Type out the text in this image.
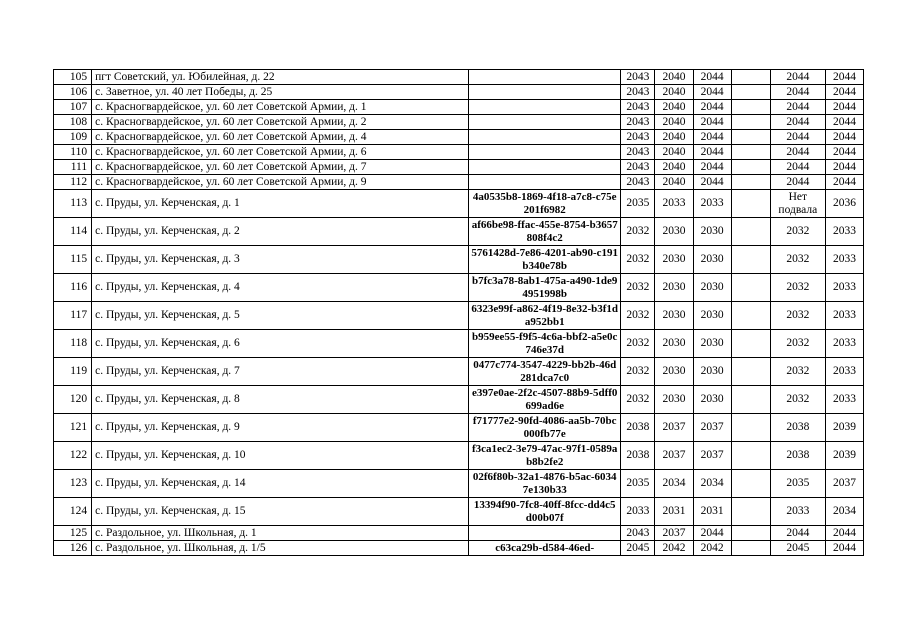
105	пгт Советский, ул. Юбилейная, д. 22		2043	2040	2044		2044	2044
106	с. Заветное, ул. 40 лет Победы, д. 25		2043	2040	2044		2044	2044
107	с. Красногвардейское, ул. 60 лет Советской Армии, д. 1		2043	2040	2044		2044	2044
108	с. Красногвардейское, ул. 60 лет Советской Армии, д. 2		2043	2040	2044		2044	2044
109	с. Красногвардейское, ул. 60 лет Советской Армии, д. 4		2043	2040	2044		2044	2044
110	с. Красногвардейское, ул. 60 лет Советской Армии, д. 6		2043	2040	2044		2044	2044
111	с. Красногвардейское, ул. 60 лет Советской Армии, д. 7		2043	2040	2044		2044	2044
112	с. Красногвардейское, ул. 60 лет Советской Армии, д. 9		2043	2040	2044		2044	2044
113	с. Пруды, ул. Керченская, д. 1	4a0535b8-1869-4f18-a7c8-c75e201f6982	2035	2033	2033		Нет подвала	2036
114	с. Пруды, ул. Керченская, д. 2	af66be98-ffac-455e-8754-b3657808f4c2	2032	2030	2030		2032	2033
115	с. Пруды, ул. Керченская, д. 3	5761428d-7e86-4201-ab90-c191b340e78b	2032	2030	2030		2032	2033
116	с. Пруды, ул. Керченская, д. 4	b7fc3a78-8ab1-475a-a490-1de94951998b	2032	2030	2030		2032	2033
117	с. Пруды, ул. Керченская, д. 5	6323e99f-a862-4f19-8e32-b3f1da952bb1	2032	2030	2030		2032	2033
118	с. Пруды, ул. Керченская, д. 6	b959ee55-f9f5-4c6a-bbf2-a5e0c746e37d	2032	2030	2030		2032	2033
119	с. Пруды, ул. Керченская, д. 7	0477c774-3547-4229-bb2b-46d281dca7c0	2032	2030	2030		2032	2033
120	с. Пруды, ул. Керченская, д. 8	e397e0ae-2f2c-4507-88b9-5dff0699ad6e	2032	2030	2030		2032	2033
121	с. Пруды, ул. Керченская, д. 9	f71777e2-90fd-4086-aa5b-70bc000fb77e	2038	2037	2037		2038	2039
122	с. Пруды, ул. Керченская, д. 10	f3ca1ec2-3e79-47ac-97f1-0589ab8b2fe2	2038	2037	2037		2038	2039
123	с. Пруды, ул. Керченская, д. 14	02f6f80b-32a1-4876-b5ac-60347e130b33	2035	2034	2034		2035	2037
124	с. Пруды, ул. Керченская, д. 15	13394f90-7fc8-40ff-8fcc-dd4c5d00b07f	2033	2031	2031		2033	2034
125	с. Раздольное, ул. Школьная, д. 1		2043	2037	2044		2044	2044
126	с. Раздольное, ул. Школьная, д. 1/5	c63ca29b-d584-46ed-	2045	2042	2042		2045	2044
